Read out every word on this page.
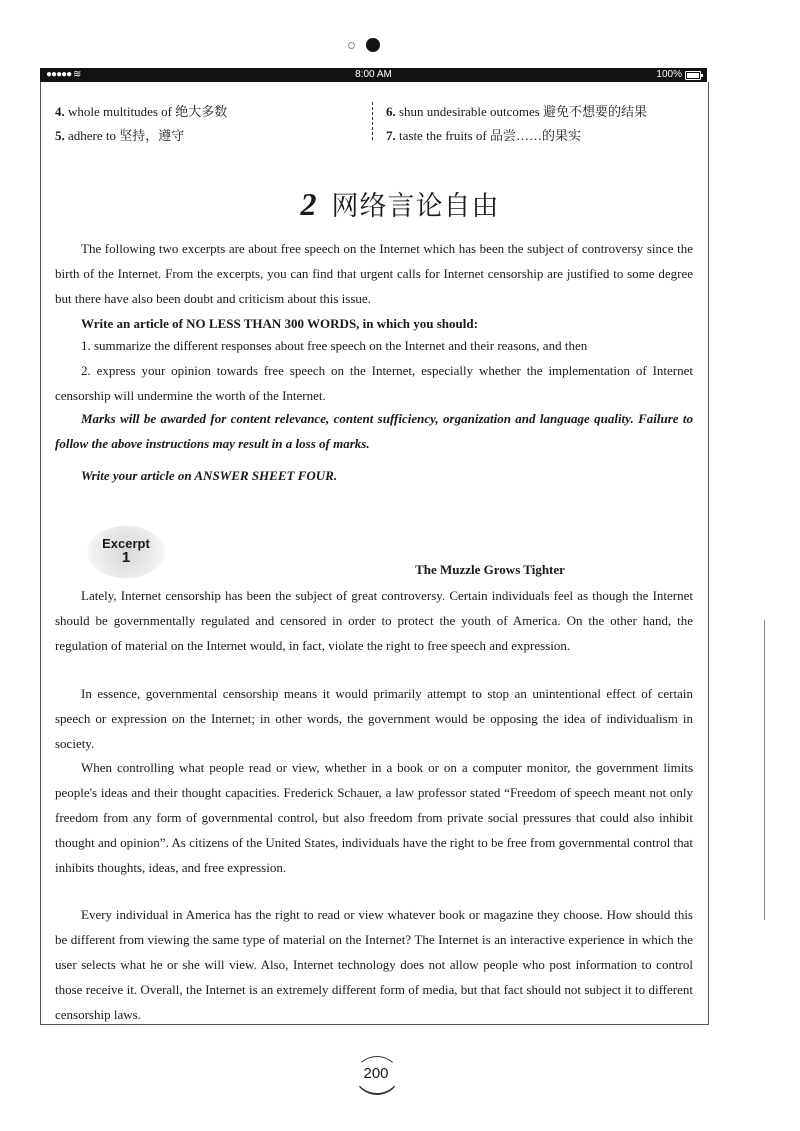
●●●●● ≋	8:00 AM	100%
4. whole multitudes of 绝大多数
5. adhere to 坚持，遵守
6. shun undesirable outcomes 避免不想要的结果
7. taste the fruits of 品尝……的果实
2 网络言论自由
The following two excerpts are about free speech on the Internet which has been the subject of controversy since the birth of the Internet. From the excerpts, you can find that urgent calls for Internet censorship are justified to some degree but there have also been doubt and criticism about this issue.
Write an article of NO LESS THAN 300 WORDS, in which you should:
1. summarize the different responses about free speech on the Internet and their reasons, and then
2. express your opinion towards free speech on the Internet, especially whether the implementation of Internet censorship will undermine the worth of the Internet.
Marks will be awarded for content relevance, content sufficiency, organization and language quality. Failure to follow the above instructions may result in a loss of marks.
Write your article on ANSWER SHEET FOUR.
Excerpt
1
The Muzzle Grows Tighter
Lately, Internet censorship has been the subject of great controversy. Certain individuals feel as though the Internet should be governmentally regulated and censored in order to protect the youth of America. On the other hand, the regulation of material on the Internet would, in fact, violate the right to free speech and expression.
In essence, governmental censorship means it would primarily attempt to stop an unintentional effect of certain speech or expression on the Internet; in other words, the government would be opposing the idea of individualism in society.
When controlling what people read or view, whether in a book or on a computer monitor, the government limits people's ideas and their thought capacities. Frederick Schauer, a law professor stated “Freedom of speech meant not only freedom from any form of governmental control, but also freedom from private social pressures that could also inhibit thought and opinion”. As citizens of the United States, individuals have the right to be free from governmental control that inhibits thoughts, ideas, and free expression.
Every individual in America has the right to read or view whatever book or magazine they choose. How should this be different from viewing the same type of material on the Internet? The Internet is an interactive experience in which the user selects what he or she will view. Also, Internet technology does not allow people who post information to control those receive it. Overall, the Internet is an extremely different form of media, but that fact should not subject it to different censorship laws.
200
